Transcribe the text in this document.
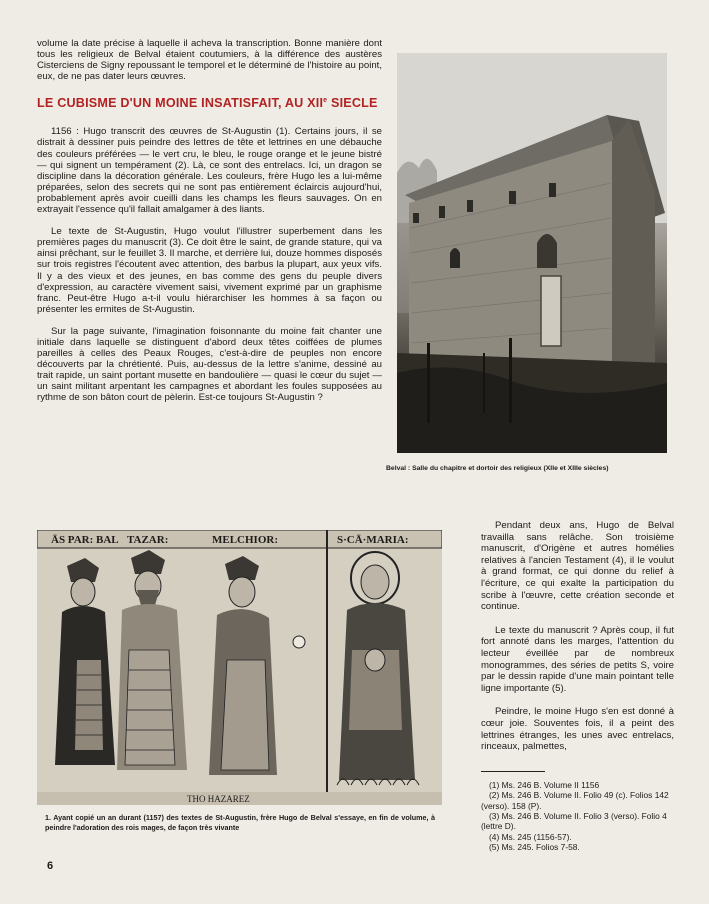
volume la date précise à laquelle il acheva la transcription. Bonne manière dont tous les religieux de Belval étaient coutumiers, à la différence des austères Cisterciens de Signy repoussant le temporel et le déterminé de l'histoire au point, eux, de ne pas dater leurs œuvres.

LE CUBISME D'UN MOINE INSATISFAIT, AU XIIe SIECLE

1156 : Hugo transcrit des œuvres de St-Augustin (1). Certains jours, il se distrait à dessiner puis peindre des lettres de tête et lettrines en une débauche des couleurs préférées — le vert cru, le bleu, le rouge orange et le jeune bistré — qui signent un tempérament (2). Là, ce sont des entrelacs. Ici, un dragon se discipline dans la décoration générale. Les couleurs, frère Hugo les a lui-même préparées, selon des secrets qui ne sont pas entièrement éclaircis aujourd'hui, probablement après avoir cueilli dans les champs les fleurs sauvages. On en extrayait l'essence qu'il fallait amalgamer à des liants.

Le texte de St-Augustin, Hugo voulut l'illustrer superbement dans les premières pages du manuscrit (3). Ce doit être le saint, de grande stature, qui va ainsi prêchant, sur le feuillet 3. Il marche, et derrière lui, douze hommes disposés sur trois registres l'écoutent avec attention, des barbus la plupart, aux yeux vifs. Il y a des vieux et des jeunes, en bas comme des gens du peuple divers d'expression, au caractère vivement saisi, vivement exprimé par un graphisme franc. Peut-être Hugo a-t-il voulu hiérarchiser les hommes à sa façon ou présenter les ermites de St-Augustin.

Sur la page suivante, l'imagination foisonnante du moine fait chanter une initiale dans laquelle se distinguent d'abord deux têtes coiffées de plumes pareilles à celles des Peaux Rouges, c'est-à-dire de peuples non encore découverts par la chrétienté. Puis, au-dessus de la lettre s'anime, dessiné au trait rapide, un saint portant musette en bandoulière — quasi le cœur du sujet — un saint militant arpentant les campagnes et abordant les foules supposées au rythme de son bâton court de pèlerin. Est-ce toujours St-Augustin ?

Belval : Salle du chapitre et dortoir des religieux (XIIe et XIIIe siècles)
ĀS PAR: BAL TAZAR:	MELCHIOR:	S·CĀ·MARIA:
THO HAZAREZ
1. Ayant copié un an durant (1157) des textes de St-Augustin, frère Hugo de Belval s'essaye, en fin de volume, à peindre l'adoration des rois mages, de façon très vivante

Pendant deux ans, Hugo de Belval travailla sans relâche. Son troisième manuscrit, d'Origène et autres homélies relatives à l'ancien Testament (4), il le voulut à grand format, ce qui donne du relief à l'écriture, ce qui exalte la participation du scribe à l'œuvre, cette création seconde et continue.

Le texte du manuscrit ? Après coup, il fut fort annoté dans les marges, l'attention du lecteur éveillée par de nombreux monogrammes, des séries de petits S, voire par le dessin rapide d'une main pointant telle ligne importante (5).

Peindre, le moine Hugo s'en est donné à cœur joie. Souventes fois, il a peint des lettrines étranges, les unes avec entrelacs, rinceaux, palmettes,

(1) Ms. 246 B. Volume II 1156
(2) Ms. 246 B. Volume II. Folio 49 (c). Folios 142 (verso). 158 (P).
(3) Ms. 246 B. Volume II. Folio 3 (verso). Folio 4 (lettre D).
(4) Ms. 245 (1156-57).
(5) Ms. 245. Folios 7-58.
6
